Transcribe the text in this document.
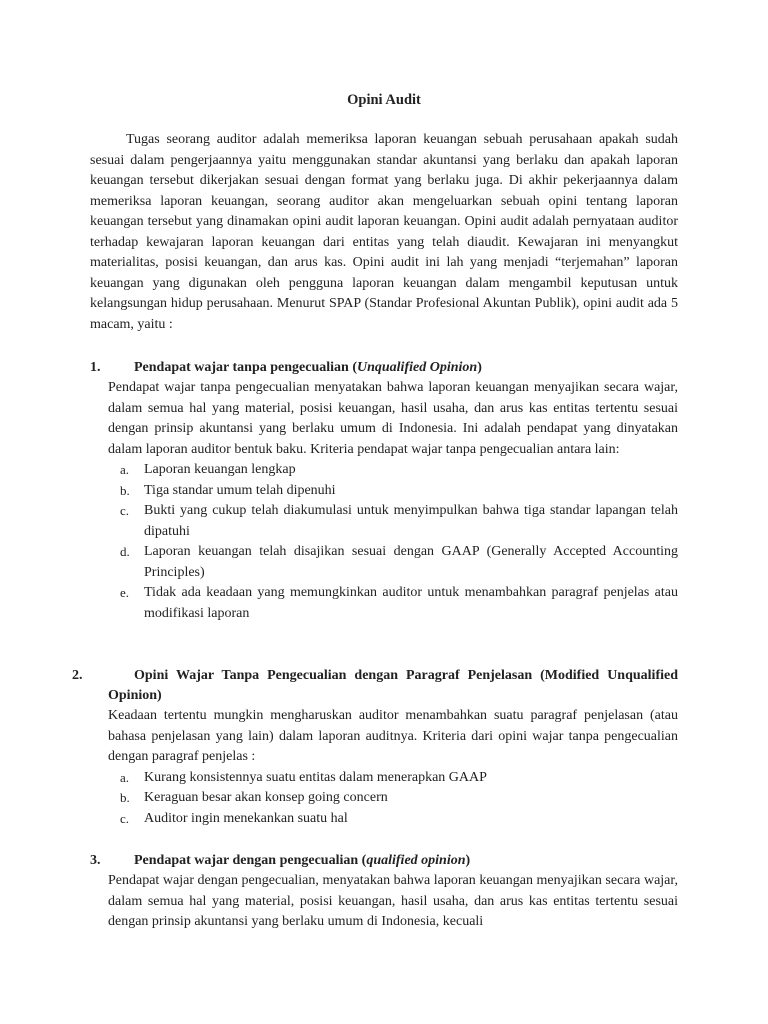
Opini Audit

Tugas seorang auditor adalah memeriksa laporan keuangan sebuah perusahaan apakah sudah sesuai dalam pengerjaannya yaitu menggunakan standar akuntansi yang berlaku dan apakah laporan keuangan tersebut dikerjakan sesuai dengan format yang berlaku juga. Di akhir pekerjaannya dalam memeriksa laporan keuangan, seorang auditor akan mengeluarkan sebuah opini tentang laporan keuangan tersebut yang dinamakan opini audit laporan keuangan. Opini audit adalah pernyataan auditor terhadap kewajaran laporan keuangan dari entitas yang telah diaudit. Kewajaran ini menyangkut materialitas, posisi keuangan, dan arus kas. Opini audit ini lah yang menjadi “terjemahan” laporan keuangan yang digunakan oleh pengguna laporan keuangan dalam mengambil keputusan untuk kelangsungan hidup perusahaan. Menurut SPAP (Standar Profesional Akuntan Publik), opini audit ada 5 macam, yaitu :

1.	Pendapat wajar tanpa pengecualian (Unqualified Opinion)

Pendapat wajar tanpa pengecualian menyatakan bahwa laporan keuangan menyajikan secara wajar, dalam semua hal yang material, posisi keuangan, hasil usaha, dan arus kas entitas tertentu sesuai dengan prinsip akuntansi yang berlaku umum di Indonesia. Ini adalah pendapat yang dinyatakan dalam laporan auditor bentuk baku. Kriteria pendapat wajar tanpa pengecualian antara lain:

a. Laporan keuangan lengkap
b. Tiga standar umum telah dipenuhi
c. Bukti yang cukup telah diakumulasi untuk menyimpulkan bahwa tiga standar lapangan telah dipatuhi
d. Laporan keuangan telah disajikan sesuai dengan GAAP (Generally Accepted Accounting Principles)
e. Tidak ada keadaan yang memungkinkan auditor untuk menambahkan paragraf penjelas atau modifikasi laporan
2.	Opini Wajar Tanpa Pengecualian dengan Paragraf Penjelasan (Modified Unqualified Opinion)

Keadaan tertentu mungkin mengharuskan auditor menambahkan suatu paragraf penjelasan (atau bahasa penjelasan yang lain) dalam laporan auditnya. Kriteria dari opini wajar tanpa pengecualian dengan paragraf penjelas :

a. Kurang konsistennya suatu entitas dalam menerapkan GAAP
b. Keraguan besar akan konsep going concern
c. Auditor ingin menekankan suatu hal
3.	Pendapat wajar dengan pengecualian (qualified opinion)

Pendapat wajar dengan pengecualian, menyatakan bahwa laporan keuangan menyajikan secara wajar, dalam semua hal yang material, posisi keuangan, hasil usaha, dan arus kas entitas tertentu sesuai dengan prinsip akuntansi yang berlaku umum di Indonesia, kecuali
